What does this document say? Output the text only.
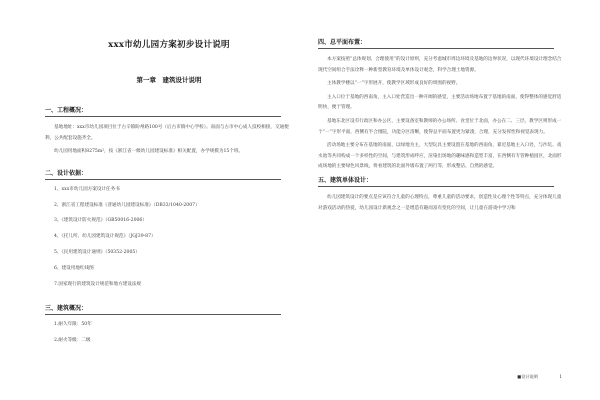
xxx市幼儿园方案初步设计说明
第一章　建筑设计说明
一、工程概况：
基地地址：xxx市幼儿园项目位于古辛镇盼州路100号（后古市镇中心学校）。南面与古市中心成人技校相接，交通便利，公共配套设施齐全。
幼儿园用地面积8275m²，按《浙江省一级幼儿园建设标准》相关配置，办学规模为15个班。
二、设计依据：
1、xxx市幼儿园方案设计任务书
2、浙江省工程建设标准《普通幼儿园建设标准》（DB33/1040-2007）
3、《建筑设计防火规范》（GB50016-2006）
4、《托儿所、幼儿园建筑设计规范》（JGJ39-87）
5、《民用建筑设计通则》（50352-2005）
6、建设用地红线图
7.国家现行的建筑设计规范和地方建设法规
三、建筑概况：
1.耐久年限：50年
2.耐火等级：二级
四、总平面布置：
本方案按照“总体规划、合理使用”的设计原则，充分考虑城市周边环境及基地的边界状况，以现代环境设计理念结合现代空间组合手法诠释一种新型教育环境及单体设计观念，科学合理土地资源。
主体教学楼以“一”字形展开，使教学区域形成良好的周围的视野。
主入口位于基地的西南角，主入口处营造出一种开阔的感觉，主要活动场地布置于基地的南面，使得整体的感觉舒适明快，便于管理。
基地东北区设有行政区和办公区，主要设备室和教师的办公场所。食堂位于北面，办公在二、三层，教学区则形成一个“一”字形平面，西侧有半合围院，功能分区清晰，使得总平面布置更为紧凑，合理，充分发挥性和视觉表现力。
活动场地主要分布在基地的南面，以绿地为主，大型玩具主要设置在基地的西南角，靠近基地主入口处，与沙坑、戏水池等共同构成一个多样性的空间，与建筑形成呼应，渲染出场地的趣味感和造型丰富，在西侧有专管种植园区，北面形成场地的主要绿色风景线，将看建筑的北面外墙布置了两行等，形成整洁、自然的感觉。
五、建筑单体设计：
幼儿园建筑设计的要点是应该符合儿童的心理特点，尊重儿童的活动要求，创造性及心理个性等特点，充分体现儿童对游戏活动的热爱，幼儿园设计新观念之一是增造有趣而富有变化的空间，让儿童在游戏中学习和
■设计说明	1
